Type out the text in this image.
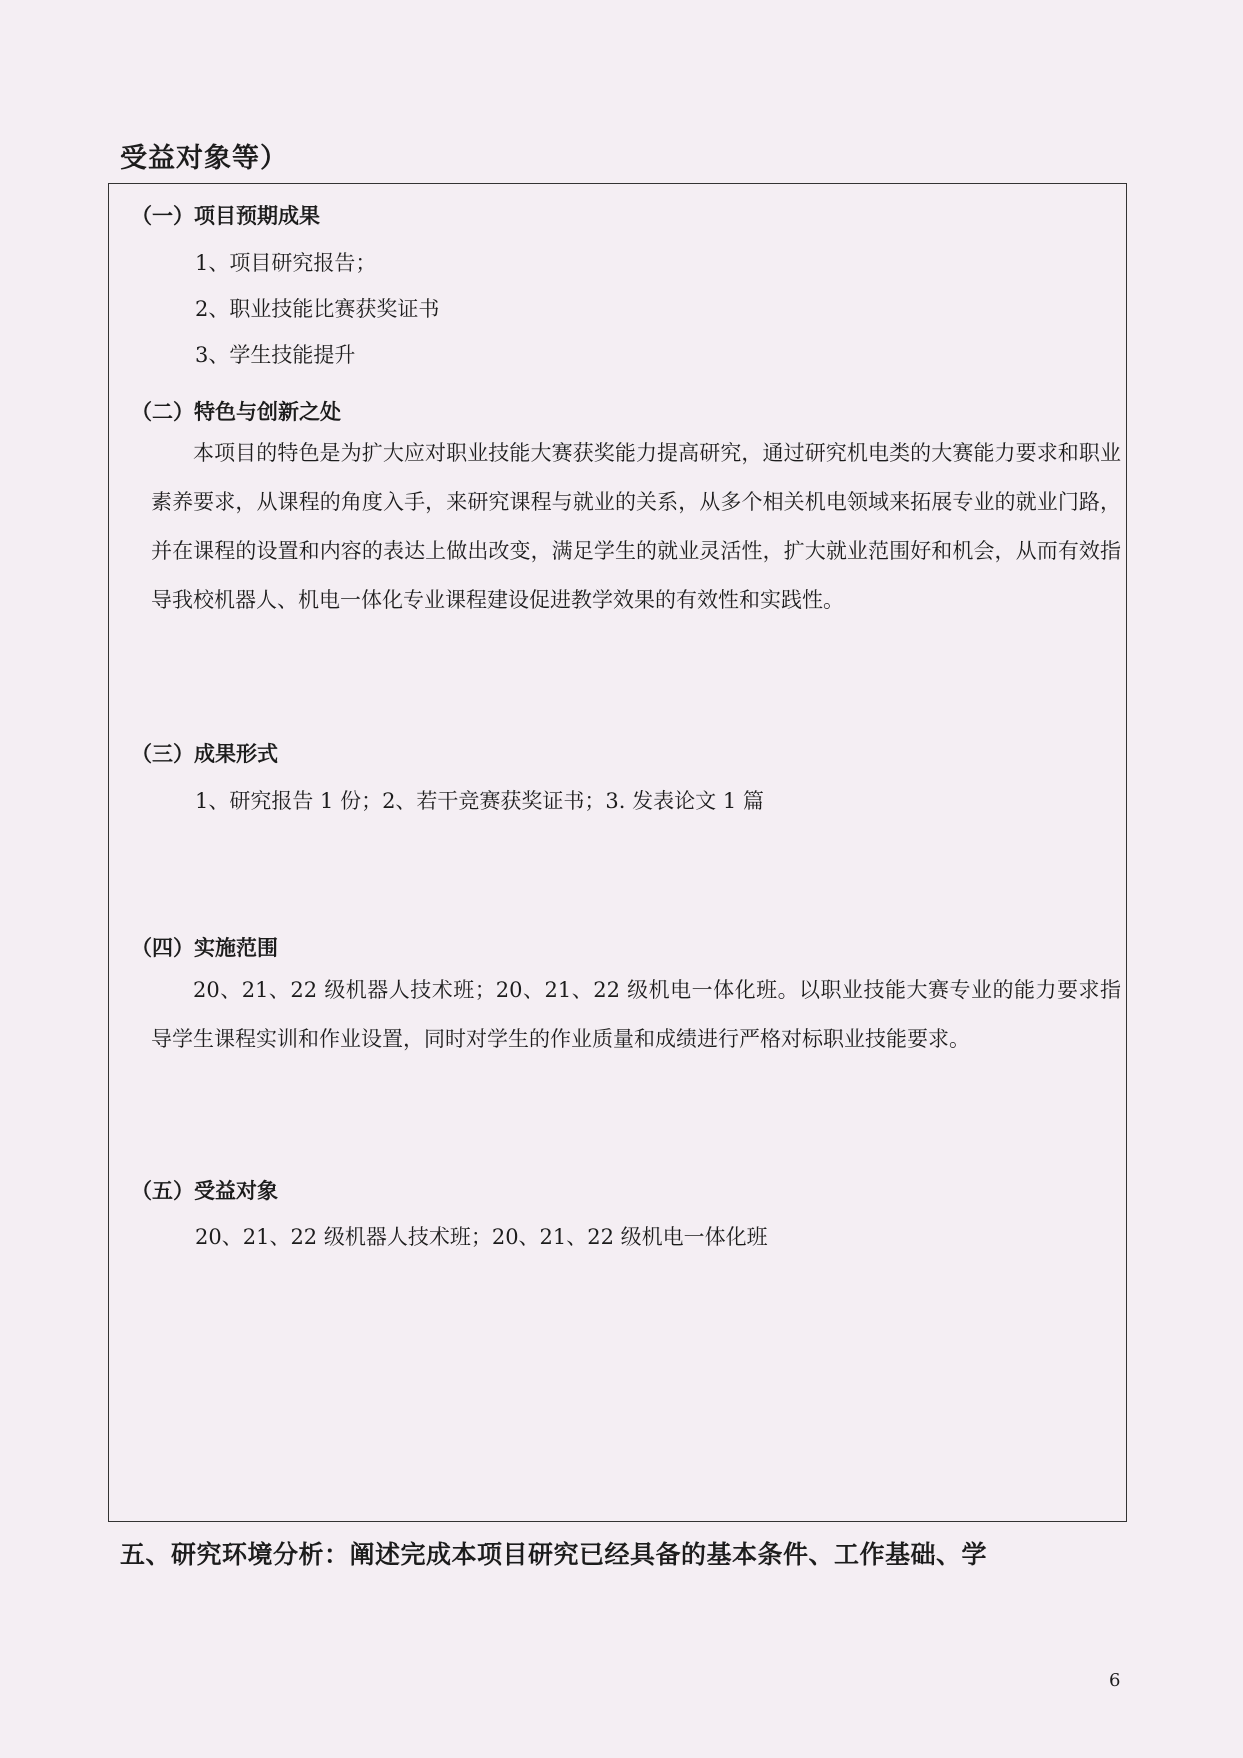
受益对象等）
（一）项目预期成果
1、项目研究报告；
2、职业技能比赛获奖证书
3、学生技能提升
（二）特色与创新之处

本项目的特色是为扩大应对职业技能大赛获奖能力提高研究，通过研究机电类的大赛能力要求和职业素养要求，从课程的角度入手，来研究课程与就业的关系，从多个相关机电领域来拓展专业的就业门路，并在课程的设置和内容的表达上做出改变，满足学生的就业灵活性，扩大就业范围好和机会，从而有效指导我校机器人、机电一体化专业课程建设促进教学效果的有效性和实践性。

（三）成果形式
1、研究报告 1 份；2、若干竞赛获奖证书；3. 发表论文 1 篇
（四）实施范围

20、21、22 级机器人技术班；20、21、22 级机电一体化班。以职业技能大赛专业的能力要求指导学生课程实训和作业设置，同时对学生的作业质量和成绩进行严格对标职业技能要求。

（五）受益对象
20、21、22 级机器人技术班；20、21、22 级机电一体化班
五、研究环境分析：阐述完成本项目研究已经具备的基本条件、工作基础、学
6
